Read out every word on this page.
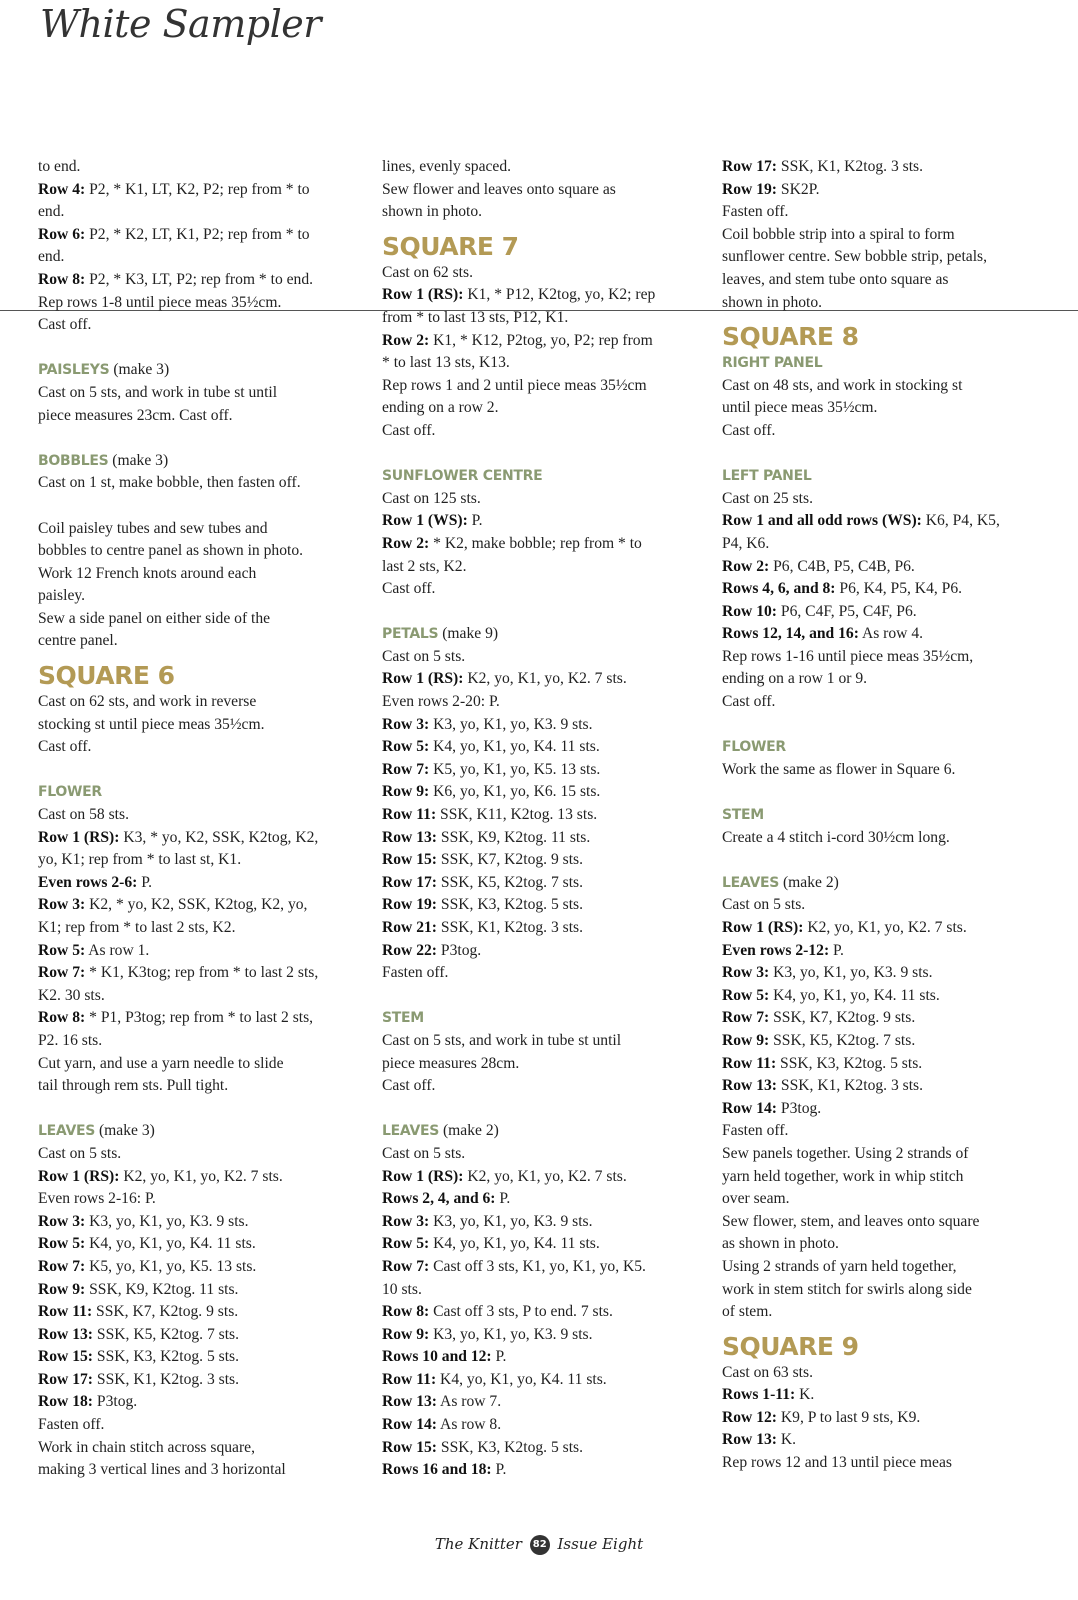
White Sampler

to end.

Row 4: P2, * K1, LT, K2, P2; rep from * to

end.

Row 6: P2, * K2, LT, K1, P2; rep from * to

end.

Row 8: P2, * K3, LT, P2; rep from * to end.

Rep rows 1-8 until piece meas 35½cm.

Cast off.

PAISLEYS (make 3)

Cast on 5 sts, and work in tube st until

piece measures 23cm. Cast off.

BOBBLES (make 3)

Cast on 1 st, make bobble, then fasten off.

Coil paisley tubes and sew tubes and

bobbles to centre panel as shown in photo.

Work 12 French knots around each

paisley.

Sew a side panel on either side of the

centre panel.

SQUARE 6

Cast on 62 sts, and work in reverse

stocking st until piece meas 35½cm.

Cast off.

FLOWER

Cast on 58 sts.

Row 1 (RS): K3, * yo, K2, SSK, K2tog, K2,

yo, K1; rep from * to last st, K1.

Even rows 2-6: P.

Row 3: K2, * yo, K2, SSK, K2tog, K2, yo,

K1; rep from * to last 2 sts, K2.

Row 5: As row 1.

Row 7: * K1, K3tog; rep from * to last 2 sts,

K2. 30 sts.

Row 8: * P1, P3tog; rep from * to last 2 sts,

P2. 16 sts.

Cut yarn, and use a yarn needle to slide

tail through rem sts. Pull tight.

LEAVES (make 3)

Cast on 5 sts.

Row 1 (RS): K2, yo, K1, yo, K2. 7 sts.

Even rows 2-16: P.

Row 3: K3, yo, K1, yo, K3. 9 sts.

Row 5: K4, yo, K1, yo, K4. 11 sts.

Row 7: K5, yo, K1, yo, K5. 13 sts.

Row 9: SSK, K9, K2tog. 11 sts.

Row 11: SSK, K7, K2tog. 9 sts.

Row 13: SSK, K5, K2tog. 7 sts.

Row 15: SSK, K3, K2tog. 5 sts.

Row 17: SSK, K1, K2tog. 3 sts.

Row 18: P3tog.

Fasten off.

Work in chain stitch across square,

making 3 vertical lines and 3 horizontal

lines, evenly spaced.

Sew flower and leaves onto square as

shown in photo.

SQUARE 7

Cast on 62 sts.

Row 1 (RS): K1, * P12, K2tog, yo, K2; rep

from * to last 13 sts, P12, K1.

Row 2: K1, * K12, P2tog, yo, P2; rep from

* to last 13 sts, K13.

Rep rows 1 and 2 until piece meas 35½cm

ending on a row 2.

Cast off.

SUNFLOWER CENTRE

Cast on 125 sts.

Row 1 (WS): P.

Row 2: * K2, make bobble; rep from * to

last 2 sts, K2.

Cast off.

PETALS (make 9)

Cast on 5 sts.

Row 1 (RS): K2, yo, K1, yo, K2. 7 sts.

Even rows 2-20: P.

Row 3: K3, yo, K1, yo, K3. 9 sts.

Row 5: K4, yo, K1, yo, K4. 11 sts.

Row 7: K5, yo, K1, yo, K5. 13 sts.

Row 9: K6, yo, K1, yo, K6. 15 sts.

Row 11: SSK, K11, K2tog. 13 sts.

Row 13: SSK, K9, K2tog. 11 sts.

Row 15: SSK, K7, K2tog. 9 sts.

Row 17: SSK, K5, K2tog. 7 sts.

Row 19: SSK, K3, K2tog. 5 sts.

Row 21: SSK, K1, K2tog. 3 sts.

Row 22: P3tog.

Fasten off.

STEM

Cast on 5 sts, and work in tube st until

piece measures 28cm.

Cast off.

LEAVES (make 2)

Cast on 5 sts.

Row 1 (RS): K2, yo, K1, yo, K2. 7 sts.

Rows 2, 4, and 6: P.

Row 3: K3, yo, K1, yo, K3. 9 sts.

Row 5: K4, yo, K1, yo, K4. 11 sts.

Row 7: Cast off 3 sts, K1, yo, K1, yo, K5.

10 sts.

Row 8: Cast off 3 sts, P to end. 7 sts.

Row 9: K3, yo, K1, yo, K3. 9 sts.

Rows 10 and 12: P.

Row 11: K4, yo, K1, yo, K4. 11 sts.

Row 13: As row 7.

Row 14: As row 8.

Row 15: SSK, K3, K2tog. 5 sts.

Rows 16 and 18: P.

Row 17: SSK, K1, K2tog. 3 sts.

Row 19: SK2P.

Fasten off.

Coil bobble strip into a spiral to form

sunflower centre. Sew bobble strip, petals,

leaves, and stem tube onto square as

shown in photo.

SQUARE 8

RIGHT PANEL

Cast on 48 sts, and work in stocking st

until piece meas 35½cm.

Cast off.

LEFT PANEL

Cast on 25 sts.

Row 1 and all odd rows (WS): K6, P4, K5,

P4, K6.

Row 2: P6, C4B, P5, C4B, P6.

Rows 4, 6, and 8: P6, K4, P5, K4, P6.

Row 10: P6, C4F, P5, C4F, P6.

Rows 12, 14, and 16: As row 4.

Rep rows 1-16 until piece meas 35½cm,

ending on a row 1 or 9.

Cast off.

FLOWER

Work the same as flower in Square 6.

STEM

Create a 4 stitch i-cord 30½cm long.

LEAVES (make 2)

Cast on 5 sts.

Row 1 (RS): K2, yo, K1, yo, K2. 7 sts.

Even rows 2-12: P.

Row 3: K3, yo, K1, yo, K3. 9 sts.

Row 5: K4, yo, K1, yo, K4. 11 sts.

Row 7: SSK, K7, K2tog. 9 sts.

Row 9: SSK, K5, K2tog. 7 sts.

Row 11: SSK, K3, K2tog. 5 sts.

Row 13: SSK, K1, K2tog. 3 sts.

Row 14: P3tog.

Fasten off.

Sew panels together. Using 2 strands of

yarn held together, work in whip stitch

over seam.

Sew flower, stem, and leaves onto square

as shown in photo.

Using 2 strands of yarn held together,

work in stem stitch for swirls along side

of stem.

SQUARE 9

Cast on 63 sts.

Rows 1-11: K.

Row 12: K9, P to last 9 sts, K9.

Row 13: K.

Rep rows 12 and 13 until piece meas

The Knitter 82 Issue Eight
